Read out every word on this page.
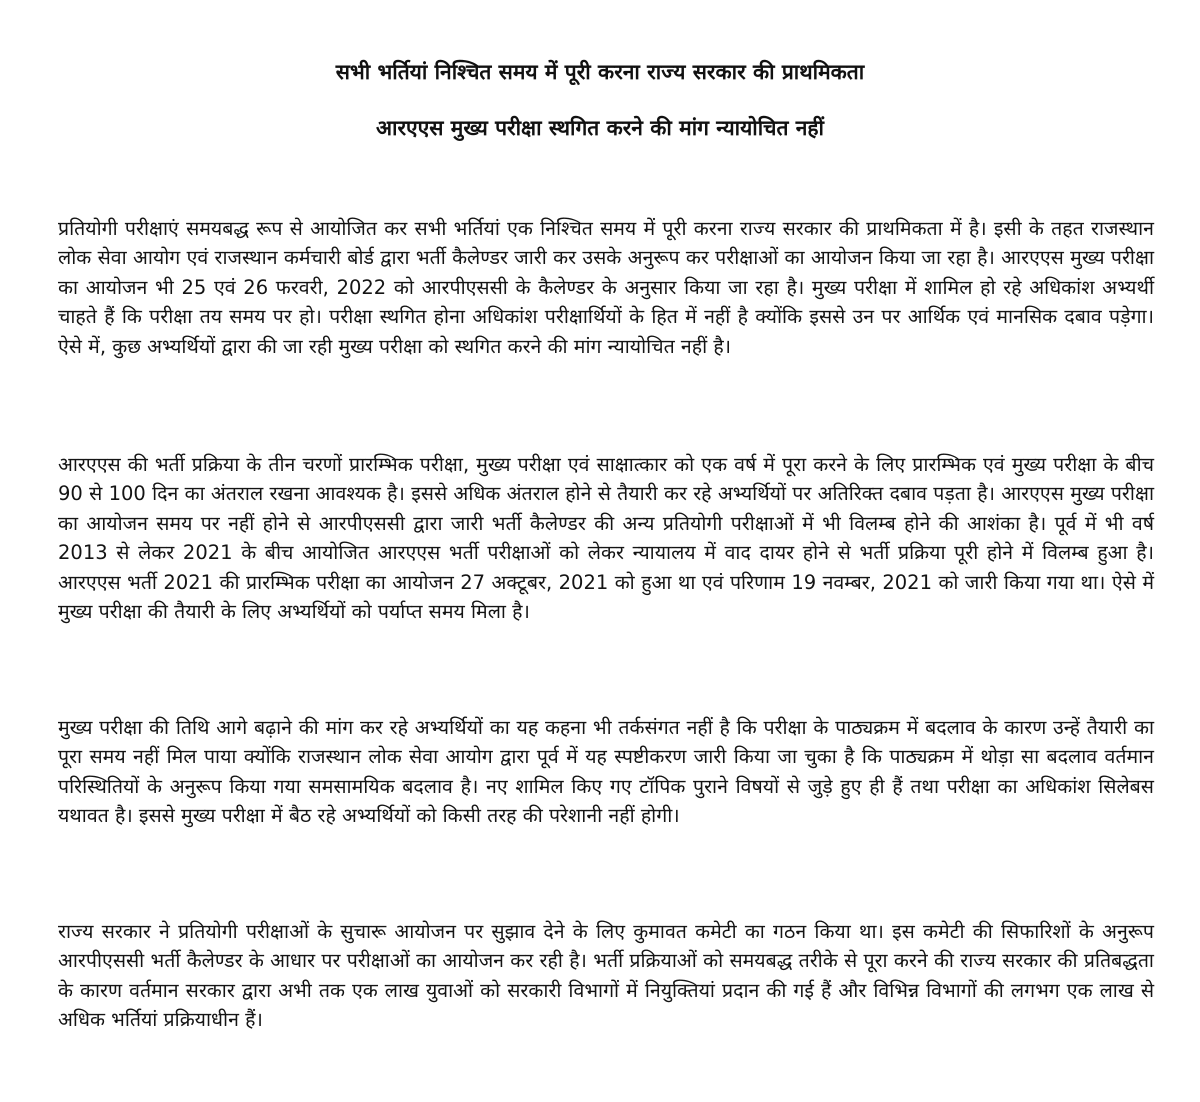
सभी भर्तियां निश्चित समय में पूरी करना राज्य सरकार की प्राथमिकता
आरएएस मुख्य परीक्षा स्थगित करने की मांग न्यायोचित नहीं

प्रतियोगी परीक्षाएं समयबद्ध रूप से आयोजित कर सभी भर्तियां एक निश्चित समय में पूरी करना राज्य सरकार की प्राथमिकता में है। इसी के तहत राजस्थान लोक सेवा आयोग एवं राजस्थान कर्मचारी बोर्ड द्वारा भर्ती कैलेण्डर जारी कर उसके अनुरूप कर परीक्षाओं का आयोजन किया जा रहा है। आरएएस मुख्य परीक्षा का आयोजन भी 25 एवं 26 फरवरी, 2022 को आरपीएससी के कैलेण्डर के अनुसार किया जा रहा है। मुख्य परीक्षा में शामिल हो रहे अधिकांश अभ्यर्थी चाहते हैं कि परीक्षा तय समय पर हो। परीक्षा स्थगित होना अधिकांश परीक्षार्थियों के हित में नहीं है क्योंकि इससे उन पर आर्थिक एवं मानसिक दबाव पड़ेगा। ऐसे में, कुछ अभ्यर्थियों द्वारा की जा रही मुख्य परीक्षा को स्थगित करने की मांग न्यायोचित नहीं है।

आरएएस की भर्ती प्रक्रिया के तीन चरणों प्रारम्भिक परीक्षा, मुख्य परीक्षा एवं साक्षात्कार को एक वर्ष में पूरा करने के लिए प्रारम्भिक एवं मुख्य परीक्षा के बीच 90 से 100 दिन का अंतराल रखना आवश्यक है। इससे अधिक अंतराल होने से तैयारी कर रहे अभ्यर्थियों पर अतिरिक्त दबाव पड़ता है। आरएएस मुख्य परीक्षा का आयोजन समय पर नहीं होने से आरपीएससी द्वारा जारी भर्ती कैलेण्डर की अन्य प्रतियोगी परीक्षाओं में भी विलम्ब होने की आशंका है। पूर्व में भी वर्ष 2013 से लेकर 2021 के बीच आयोजित आरएएस भर्ती परीक्षाओं को लेकर न्यायालय में वाद दायर होने से भर्ती प्रक्रिया पूरी होने में विलम्ब हुआ है। आरएएस भर्ती 2021 की प्रारम्भिक परीक्षा का आयोजन 27 अक्टूबर, 2021 को हुआ था एवं परिणाम 19 नवम्बर, 2021 को जारी किया गया था। ऐसे में मुख्य परीक्षा की तैयारी के लिए अभ्यर्थियों को पर्याप्त समय मिला है।

मुख्य परीक्षा की तिथि आगे बढ़ाने की मांग कर रहे अभ्यर्थियों का यह कहना भी तर्कसंगत नहीं है कि परीक्षा के पाठ्यक्रम में बदलाव के कारण उन्हें तैयारी का पूरा समय नहीं मिल पाया क्योंकि राजस्थान लोक सेवा आयोग द्वारा पूर्व में यह स्पष्टीकरण जारी किया जा चुका है कि पाठ्यक्रम में थोड़ा सा बदलाव वर्तमान परिस्थितियों के अनुरूप किया गया समसामयिक बदलाव है। नए शामिल किए गए टॉपिक पुराने विषयों से जुड़े हुए ही हैं तथा परीक्षा का अधिकांश सिलेबस यथावत है। इससे मुख्य परीक्षा में बैठ रहे अभ्यर्थियों को किसी तरह की परेशानी नहीं होगी।

राज्य सरकार ने प्रतियोगी परीक्षाओं के सुचारू आयोजन पर सुझाव देने के लिए कुमावत कमेटी का गठन किया था। इस कमेटी की सिफारिशों के अनुरूप आरपीएससी भर्ती कैलेण्डर के आधार पर परीक्षाओं का आयोजन कर रही है। भर्ती प्रक्रियाओं को समयबद्ध तरीके से पूरा करने की राज्य सरकार की प्रतिबद्धता के कारण वर्तमान सरकार द्वारा अभी तक एक लाख युवाओं को सरकारी विभागों में नियुक्तियां प्रदान की गई हैं और विभिन्न विभागों की लगभग एक लाख से अधिक भर्तियां प्रक्रियाधीन हैं।
